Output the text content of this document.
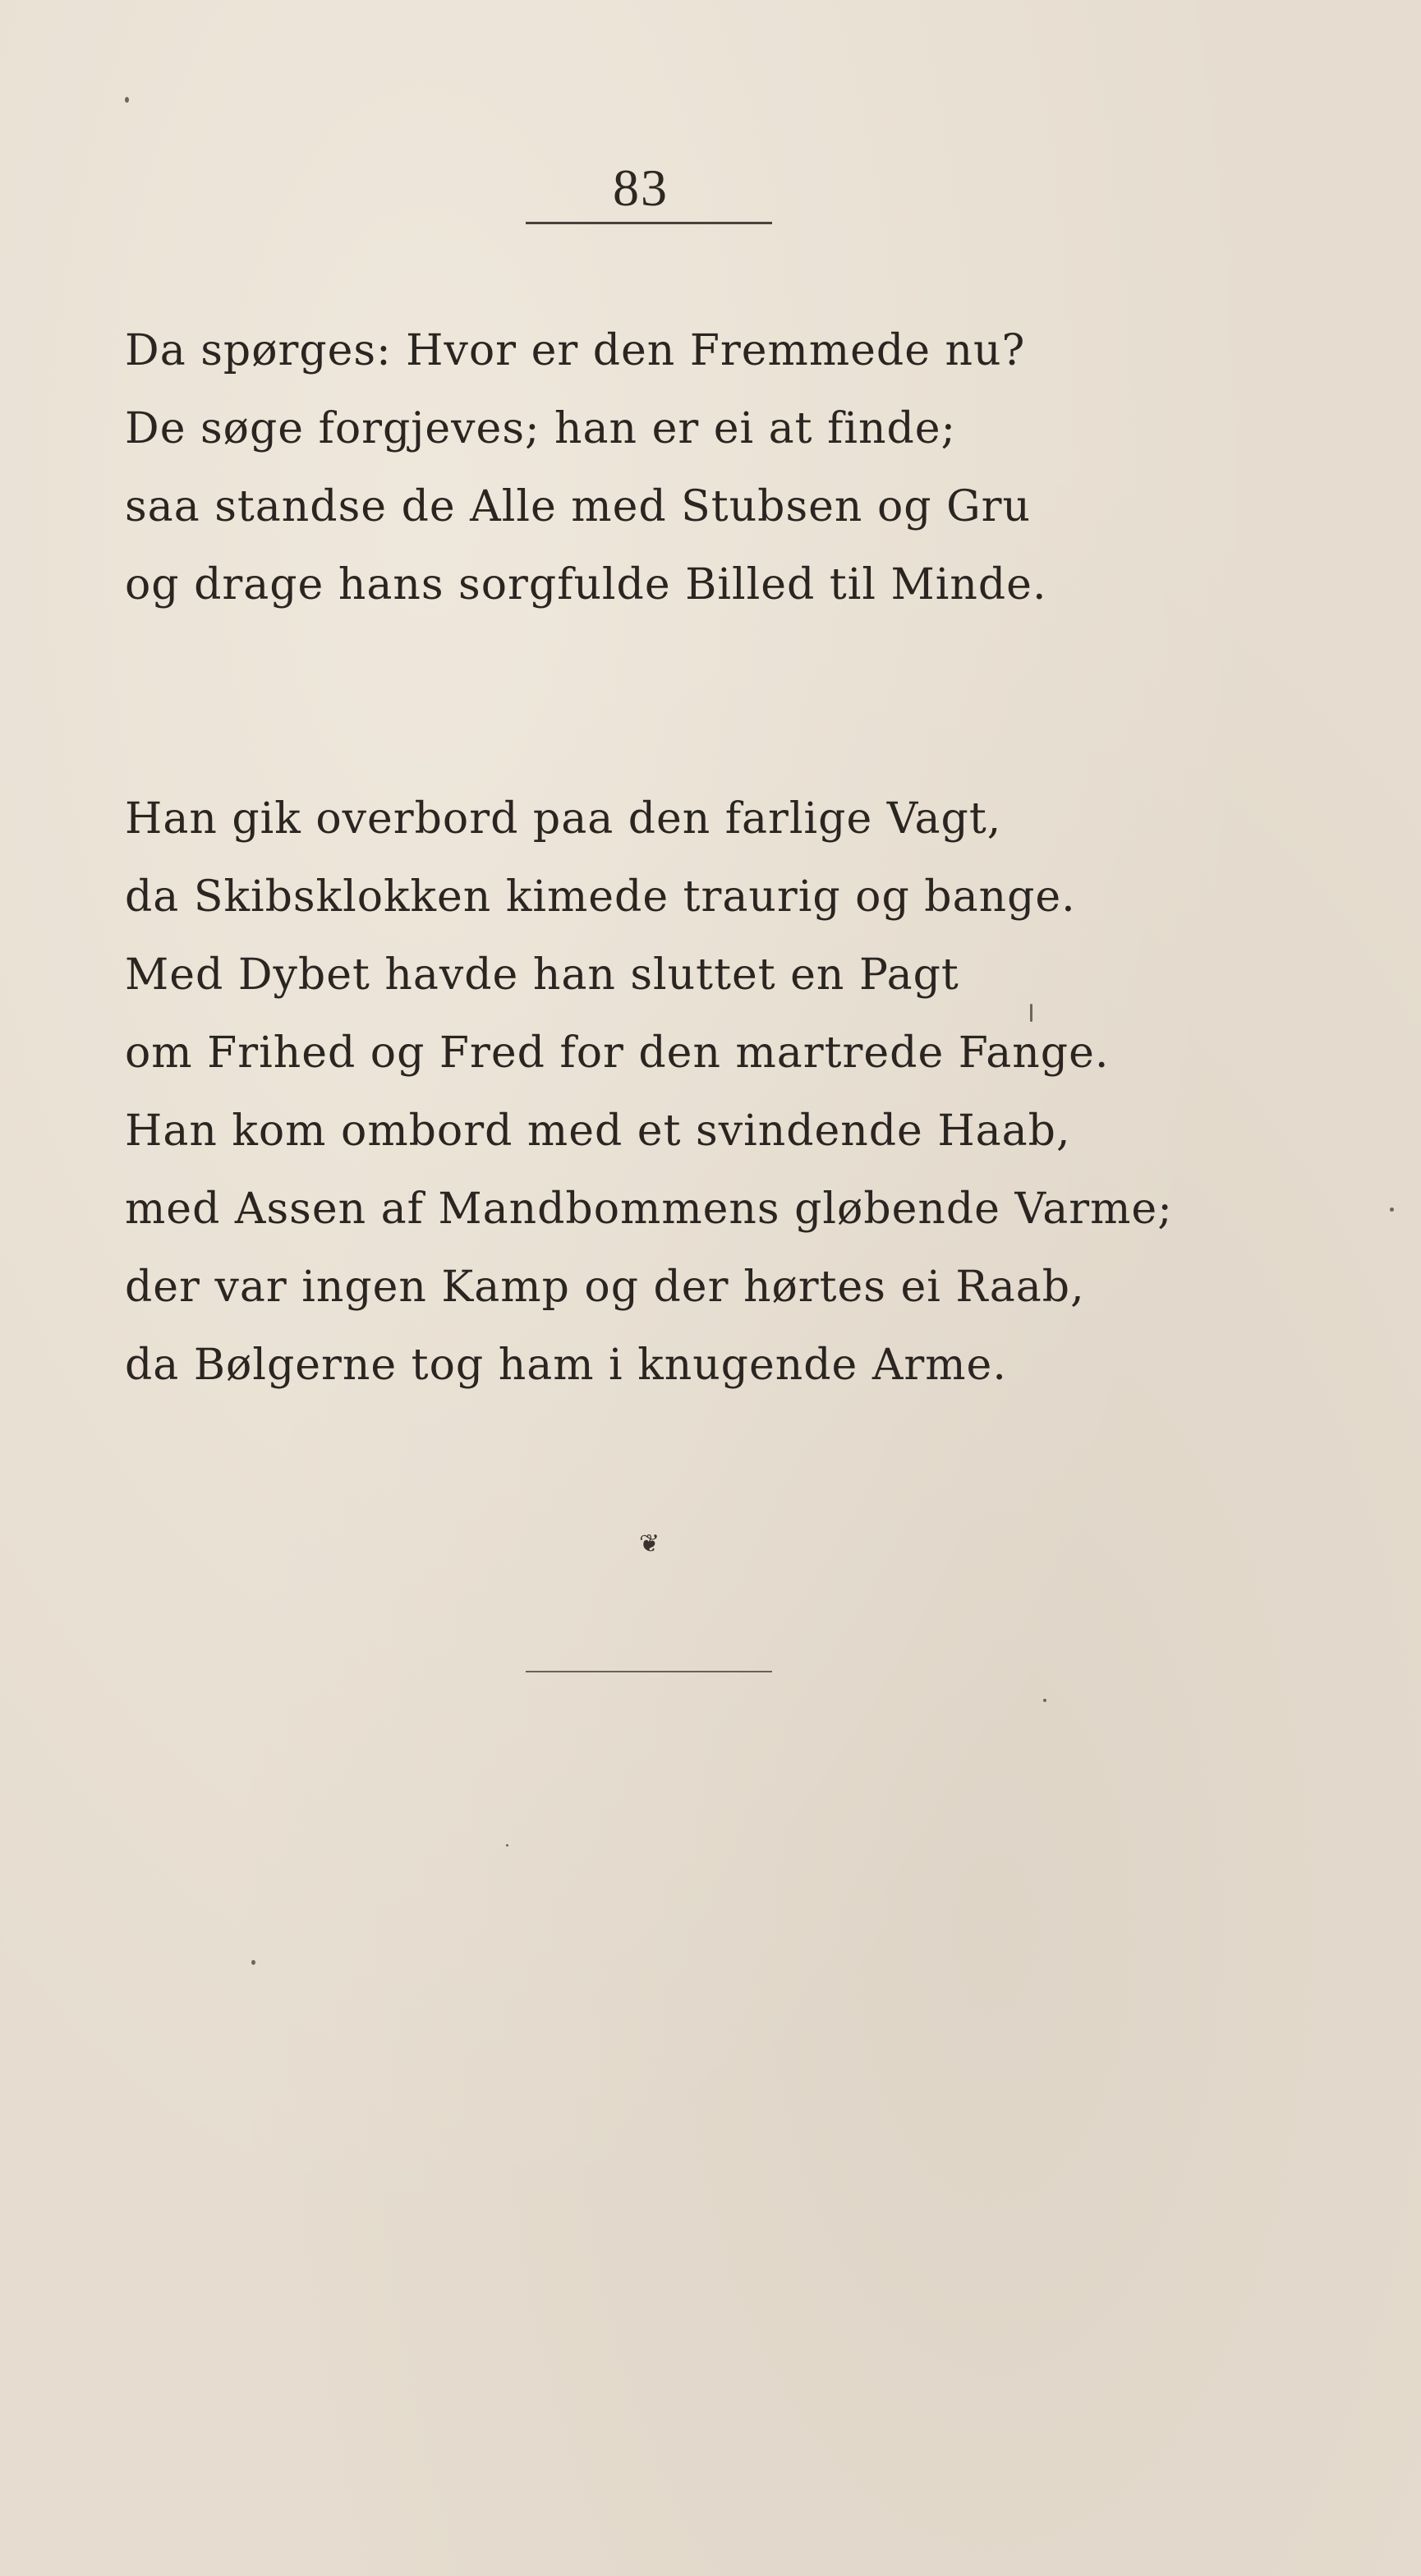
83
Da spørges: Hvor er den Fremmede nu?
De søge forgjeves; han er ei at finde;
saa standse de Alle med Stubsen og Gru
og drage hans sorgfulde Billed til Minde.
Han gik overbord paa den farlige Vagt,
da Skibsklokken kimede traurig og bange.
Med Dybet havde han sluttet en Pagt
om Frihed og Fred for den martrede Fange.
Han kom ombord med et svindende Haab,
med Assen af Mandbommens gløbende Varme;
der var ingen Kamp og der hørtes ei Raab,
da Bølgerne tog ham i knugende Arme.
❦
